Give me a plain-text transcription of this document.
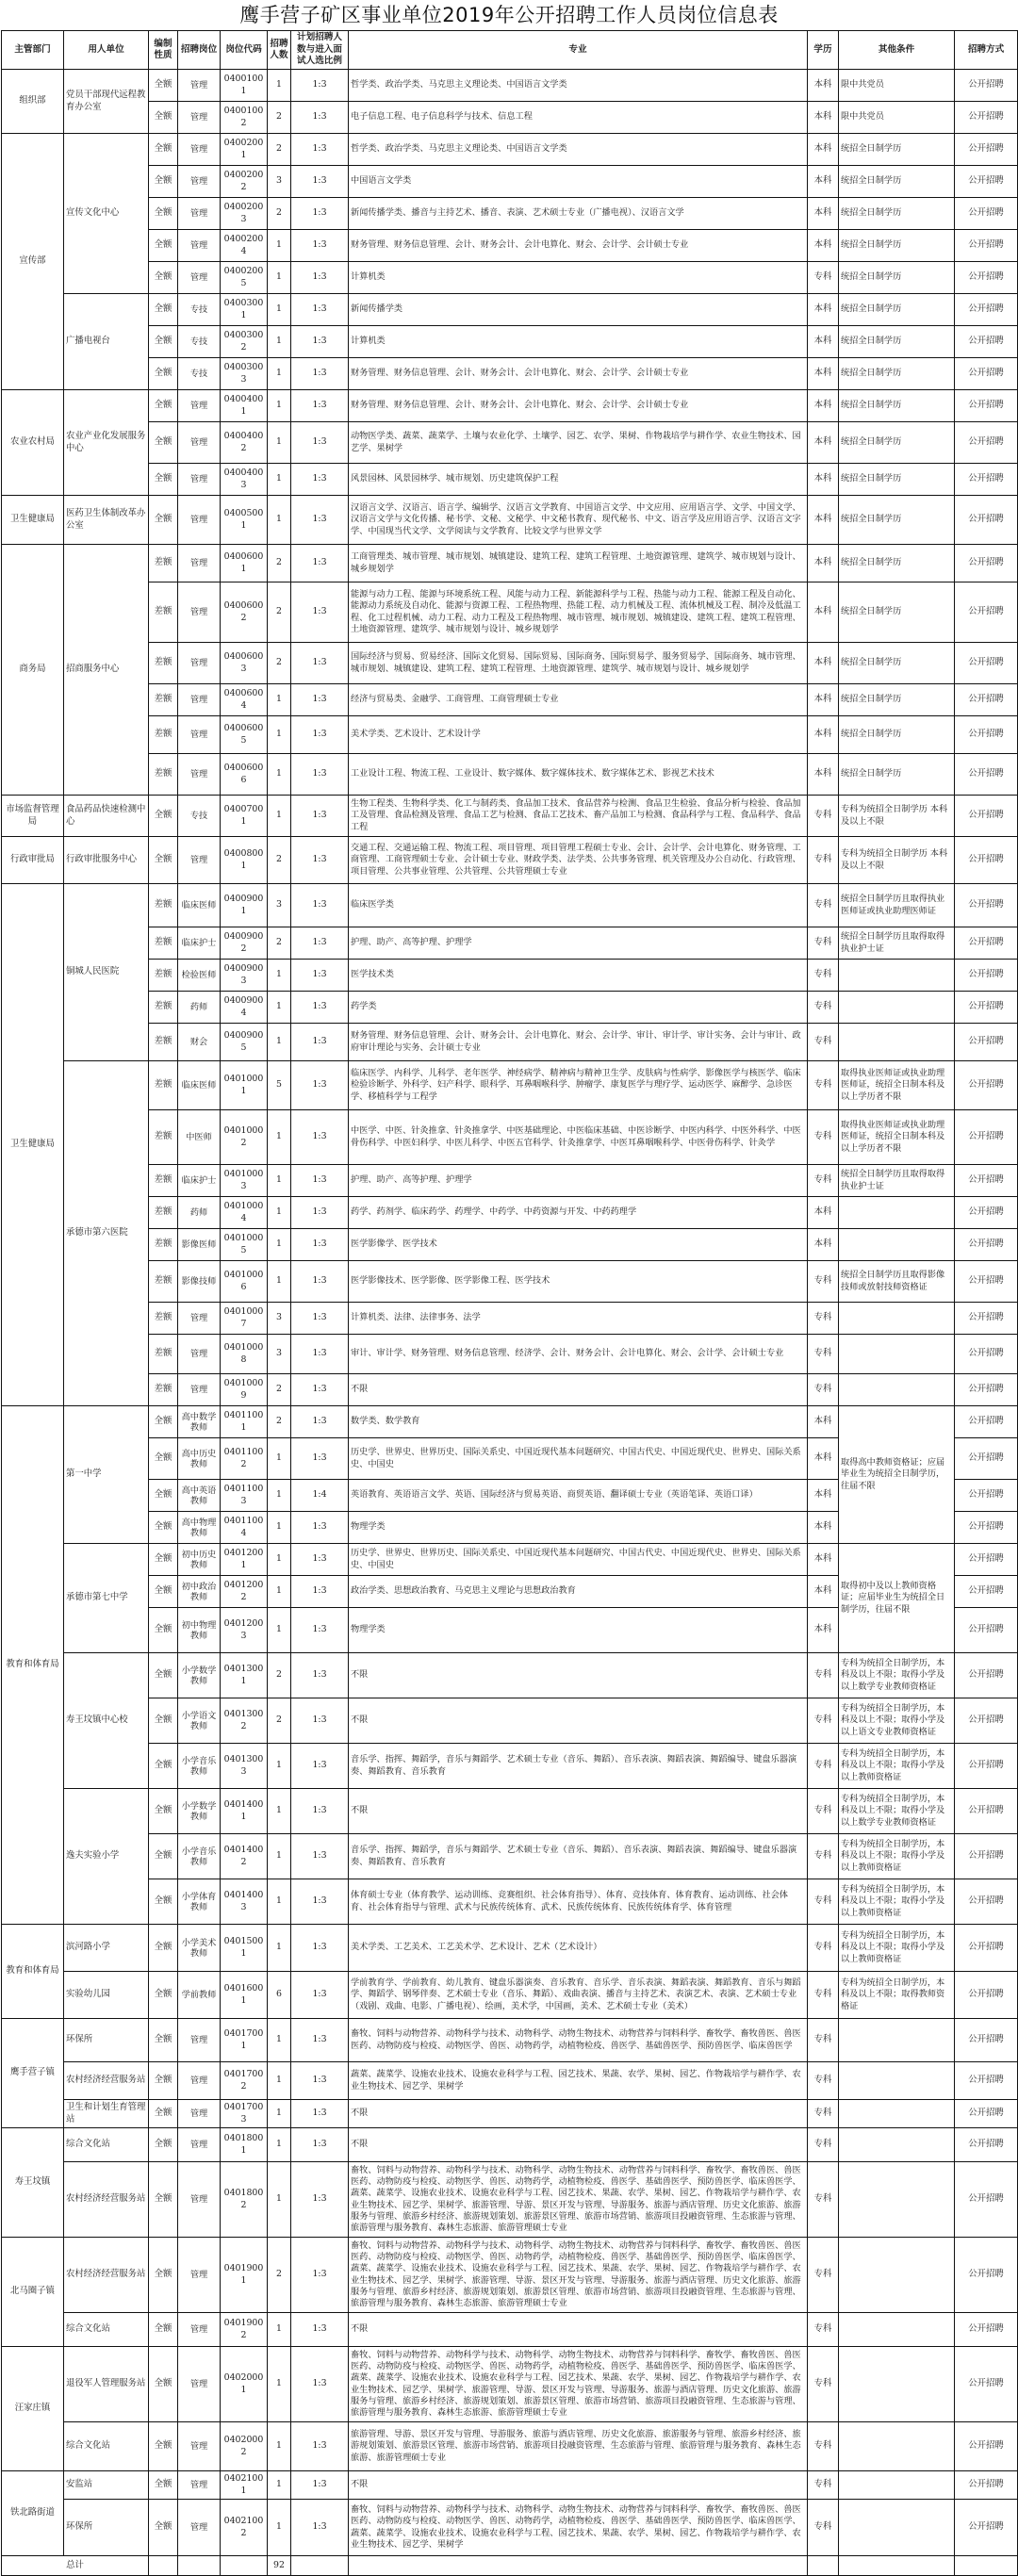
鹰手营子矿区事业单位2019年公开招聘工作人员岗位信息表
主管部门	用人单位	编制性质	招聘岗位	岗位代码	招聘人数	计划招聘人数与进入面试人选比例	专业	学历	其他条件	招聘方式
组织部	党员干部现代远程教育办公室	全额	管理	04001001	1	1:3	哲学类、政治学类、马克思主义理论类、中国语言文学类	本科	限中共党员	公开招聘
		全额	管理	04001002	2	1:3	电子信息工程、电子信息科学与技术、信息工程	本科	限中共党员	公开招聘
宣传部	宣传文化中心	全额	管理	04002001	2	1:3	哲学类、政治学类、马克思主义理论类、中国语言文学类	本科	统招全日制学历	公开招聘
		全额	管理	04002002	3	1:3	中国语言文学类	本科	统招全日制学历	公开招聘
		全额	管理	04002003	2	1:3	新闻传播学类、播音与主持艺术、播音、表演、艺术硕士专业（广播电视）、汉语言文学	本科	统招全日制学历	公开招聘
		全额	管理	04002004	1	1:3	财务管理、财务信息管理、会计、财务会计、会计电算化、财会、会计学、会计硕士专业	本科	统招全日制学历	公开招聘
		全额	管理	04002005	1	1:3	计算机类	专科	统招全日制学历	公开招聘
	广播电视台	全额	专技	04003001	1	1:3	新闻传播学类	本科	统招全日制学历	公开招聘
		全额	专技	04003002	1	1:3	计算机类	本科	统招全日制学历	公开招聘
		全额	专技	04003003	1	1:3	财务管理、财务信息管理、会计、财务会计、会计电算化、财会、会计学、会计硕士专业	本科	统招全日制学历	公开招聘
农业农村局	农业产业化发展服务中心	全额	管理	04004001	1	1:3	财务管理、财务信息管理、会计、财务会计、会计电算化、财会、会计学、会计硕士专业	本科	统招全日制学历	公开招聘
		全额	管理	04004002	1	1:3	动物医学类、蔬菜、蔬菜学、土壤与农业化学、土壤学、园艺、农学、果树、作物栽培学与耕作学、农业生物技术、园艺学、果树学	本科	统招全日制学历	公开招聘
		全额	管理	04004003	1	1:3	风景园林、风景园林学、城市规划、历史建筑保护工程	本科	统招全日制学历	公开招聘
卫生健康局	医药卫生体制改革办公室	全额	管理	04005001	1	1:3	汉语言文学、汉语言、语言学、编辑学、汉语言文学教育、中国语言文学、中文应用、应用语言学、文学、中国文学、汉语言文学与文化传播、秘书学、文秘、文秘学、中文秘书教育、现代秘书、中文、语言学及应用语言学、汉语言文字学、中国现当代文学、文学阅读与文学教育、比较文学与世界文学	本科	统招全日制学历	公开招聘
商务局	招商服务中心	差额	管理	04006001	2	1:3	工商管理类、城市管理、城市规划、城镇建设、建筑工程、建筑工程管理、土地资源管理、建筑学、城市规划与设计、城乡规划学	本科	统招全日制学历	公开招聘
		差额	管理	04006002	2	1:3	能源与动力工程、能源与环境系统工程、风能与动力工程、新能源科学与工程、热能与动力工程、能源工程及自动化、能源动力系统及自动化、能源与资源工程、工程热物理、热能工程、动力机械及工程、流体机械及工程、制冷及低温工程、化工过程机械、动力工程、动力工程及工程热物理、城市管理、城市规划、城镇建设、建筑工程、建筑工程管理、土地资源管理、建筑学、城市规划与设计、城乡规划学	本科	统招全日制学历	公开招聘
		差额	管理	04006003	2	1:3	国际经济与贸易、贸易经济、国际文化贸易、国际贸易、国际商务、国际贸易学、服务贸易学、国际商务、城市管理、城市规划、城镇建设、建筑工程、建筑工程管理、土地资源管理、建筑学、城市规划与设计、城乡规划学	本科	统招全日制学历	公开招聘
		差额	管理	04006004	1	1:3	经济与贸易类、金融学、工商管理、工商管理硕士专业	本科	统招全日制学历	公开招聘
		差额	管理	04006005	1	1:3	美术学类、艺术设计、艺术设计学	本科	统招全日制学历	公开招聘
		差额	管理	04006006	1	1:3	工业设计工程、物流工程、工业设计、数字媒体、数字媒体技术、数字媒体艺术、影视艺术技术	本科	统招全日制学历	公开招聘
市场监督管理局	食品药品快速检测中心	全额	专技	04007001	1	1:3	生物工程类、生物科学类、化工与制药类、食品加工技术、食品营养与检测、食品卫生检验、食品分析与检验、食品加工及管理、食品检测及管理、食品工艺与检测、食品工艺技术、畜产品加工与检测、食品科学与工程、食品科学、食品工程	专科	专科为统招全日制学历 本科及以上不限	公开招聘
行政审批局	行政审批服务中心	全额	管理	04008001	2	1:3	交通工程、交通运输工程、物流工程、项目管理、项目管理工程硕士专业、会计、会计学、会计电算化、财务管理、工商管理、工商管理硕士专业、会计硕士专业、财政学类、法学类、公共事务管理、机关管理及办公自动化、行政管理、项目管理、公共事业管理、公共管理、公共管理硕士专业	专科	专科为统招全日制学历 本科及以上不限	公开招聘
卫生健康局	铜城人民医院	差额	临床医师	04009001	3	1:3	临床医学类	专科	统招全日制学历且取得执业医师证或执业助理医师证	公开招聘
		差额	临床护士	04009002	2	1:3	护理、助产、高等护理、护理学	专科	统招全日制学历且取得取得执业护士证	公开招聘
		差额	检验医师	04009003	1	1:3	医学技术类	专科		公开招聘
		差额	药师	04009004	1	1:3	药学类	专科		公开招聘
		差额	财会	04009005	1	1:3	财务管理、财务信息管理、会计、财务会计、会计电算化、财会、会计学、审计、审计学、审计实务、会计与审计、政府审计理论与实务、会计硕士专业	专科		公开招聘
	承德市第六医院	差额	临床医师	04010001	5	1:3	临床医学、内科学、儿科学、老年医学、神经病学、精神病与精神卫生学、皮肤病与性病学、影像医学与核医学、临床检验诊断学、外科学、妇产科学、眼科学、耳鼻咽喉科学、肿瘤学、康复医学与理疗学、运动医学、麻醉学、急诊医学、移植科学与工程学	专科	取得执业医师证或执业助理医师证，统招全日制本科及以上学历者不限	公开招聘
		差额	中医师	04010002	1	1:3	中医学、中医、针灸推拿、针灸推拿学、中医基础理论、中医临床基础、中医诊断学、中医内科学、中医外科学、中医骨伤科学、中医妇科学、中医儿科学、中医五官科学、针灸推拿学、中医耳鼻咽喉科学、中医骨伤科学、针灸学	专科	取得执业医师证或执业助理医师证，统招全日制本科及以上学历者不限	公开招聘
		差额	临床护士	04010003	1	1:3	护理、助产、高等护理、护理学	专科	统招全日制学历且取得取得执业护士证	公开招聘
		差额	药师	04010004	1	1:3	药学、药剂学、临床药学、药理学、中药学、中药资源与开发、中药药理学	本科		公开招聘
		差额	影像医师	04010005	1	1:3	医学影像学、医学技术	本科		公开招聘
		差额	影像技师	04010006	1	1:3	医学影像技术、医学影像、医学影像工程、医学技术	专科	统招全日制学历且取得影像技师或放射技师资格证	公开招聘
		差额	管理	04010007	3	1:3	计算机类、法律、法律事务、法学	专科		公开招聘
		差额	管理	04010008	3	1:3	审计、审计学、财务管理、财务信息管理、经济学、会计、财务会计、会计电算化、财会、会计学、会计硕士专业	专科		公开招聘
		差额	管理	04010009	2	1:3	不限	专科		公开招聘
教育和体育局	第一中学	全额	高中数学教师	04011001	2	1:3	数学类、数学教育	本科	取得高中教师资格证；应届毕业生为统招全日制学历，往届不限	公开招聘
		全额	高中历史教师	04011002	1	1:3	历史学、世界史、世界历史、国际关系史、中国近现代基本问题研究、中国古代史、中国近现代史、世界史、国际关系史、中国史	本科		公开招聘
		全额	高中英语教师	04011003	1	1:4	英语教育、英语语言文学、英语、国际经济与贸易英语、商贸英语、翻译硕士专业（英语笔译、英语口译）	本科		公开招聘
		全额	高中物理教师	04011004	1	1:3	物理学类	本科		公开招聘
	承德市第七中学	全额	初中历史教师	04012001	1	1:3	历史学、世界史、世界历史、国际关系史、中国近现代基本问题研究、中国古代史、中国近现代史、世界史、国际关系史、中国史	本科	取得初中及以上教师资格证；应届毕业生为统招全日制学历，往届不限	公开招聘
		全额	初中政治教师	04012002	1	1:3	政治学类、思想政治教育、马克思主义理论与思想政治教育	本科		公开招聘
		全额	初中物理教师	04012003	1	1:3	物理学类	本科		公开招聘
	寿王坟镇中心校	全额	小学数学教师	04013001	2	1:3	不限	专科	专科为统招全日制学历，本科及以上不限；取得小学及以上数学专业教师资格证	公开招聘
		全额	小学语文教师	04013002	2	1:3	不限	专科	专科为统招全日制学历，本科及以上不限；取得小学及以上语文专业教师资格证	公开招聘
		全额	小学音乐教师	04013003	1	1:3	音乐学、指挥、舞蹈学，音乐与舞蹈学、艺术硕士专业（音乐、舞蹈）、音乐表演、舞蹈表演、舞蹈编导、键盘乐器演奏、舞蹈教育、音乐教育	专科	专科为统招全日制学历，本科及以上不限；取得小学及以上教师资格证	公开招聘
	逸夫实验小学	全额	小学数学教师	04014001	1	1:3	不限	专科	专科为统招全日制学历，本科及以上不限；取得小学及以上数学专业教师资格证	公开招聘
		全额	小学音乐教师	04014002	1	1:3	音乐学、指挥、舞蹈学，音乐与舞蹈学、艺术硕士专业（音乐、舞蹈）、音乐表演、舞蹈表演、舞蹈编导、键盘乐器演奏、舞蹈教育、音乐教育	专科	专科为统招全日制学历，本科及以上不限；取得小学及以上教师资格证	公开招聘
		全额	小学体育教师	04014003	1	1:3	体育硕士专业（体育教学、运动训练、竞赛组织、社会体育指导）、体育、竞技体育、体育教育、运动训练、社会体育、社会体育指导与管理、武术与民族传统体育、武术、民族传统体育、民族传统体育学、体育管理	专科	专科为统招全日制学历，本科及以上不限；取得小学及以上教师资格证	公开招聘
教育和体育局	滨河路小学	全额	小学美术教师	04015001	1	1:3	美术学类、工艺美术、工艺美术学、艺术设计、艺术（艺术设计）	专科	专科为统招全日制学历，本科及以上不限；取得小学及以上教师资格证	公开招聘
	实验幼儿园	全额	学前教师	04016001	6	1:3	学前教育学、学前教育、幼儿教育、键盘乐器演奏、音乐教育、音乐学、音乐表演、舞蹈表演、舞蹈教育、音乐与舞蹈学、舞蹈学、钢琴伴奏、艺术硕士专业（音乐、舞蹈）、戏曲表演、播音与主持艺术、表演艺术、表演、艺术硕士专业（戏剧、戏曲、电影、广播电视）、绘画，美术学，中国画，美术、艺术硕士专业（美术）	专科	专科为统招全日制学历，本科及以上不限；取得教师资格证	公开招聘
鹰手营子镇	环保所	全额	管理	04017001	1	1:3	畜牧、饲料与动物营养、动物科学与技术、动物科学、动物生物技术、动物营养与饲料科学、畜牧学、畜牧兽医、兽医医药、动物防疫与检疫、动物医学、兽医、动物药学，动植物检疫、兽医学、基础兽医学、预防兽医学、临床兽医学	专科		公开招聘
	农村经济经营服务站	全额	管理	04017002	1	1:3	蔬菜、蔬菜学、设施农业技术、设施农业科学与工程、园艺技术、果蔬、农学、果树、园艺、作物栽培学与耕作学、农业生物技术、园艺学、果树学	专科		公开招聘
	卫生和计划生育管理站	全额	管理	04017003	1	1:3	不限	专科		公开招聘
寿王坟镇	综合文化站	全额	管理	04018001	1	1:3	不限	专科		公开招聘
	农村经济经营服务站	全额	管理	04018002	1	1:3	畜牧、饲料与动物营养、动物科学与技术、动物科学、动物生物技术、动物营养与饲料科学、畜牧学、畜牧兽医、兽医医药、动物防疫与检疫、动物医学、兽医、动物药学，动植物检疫、兽医学、基础兽医学、预防兽医学、临床兽医学、蔬菜、蔬菜学、设施农业技术、设施农业科学与工程、园艺技术、果蔬、农学、果树、园艺、作物栽培学与耕作学、农业生物技术、园艺学、果树学、旅游管理、导游、景区开发与管理、导游服务、旅游与酒店管理、历史文化旅游、旅游服务与管理、旅游乡村经济、旅游规划策划、旅游景区管理、旅游市场营销、旅游项目投融资管理、生态旅游与管理、旅游管理与服务教育、森林生态旅游、旅游管理硕士专业	专科		公开招聘
北马圈子镇	农村经济经营服务站	全额	管理	04019001	2	1:3	畜牧、饲料与动物营养、动物科学与技术、动物科学、动物生物技术、动物营养与饲料科学、畜牧学、畜牧兽医、兽医医药、动物防疫与检疫、动物医学、兽医、动物药学，动植物检疫、兽医学、基础兽医学、预防兽医学、临床兽医学、蔬菜、蔬菜学、设施农业技术、设施农业科学与工程、园艺技术、果蔬、农学、果树、园艺、作物栽培学与耕作学、农业生物技术、园艺学、果树学、旅游管理、导游、景区开发与管理、导游服务、旅游与酒店管理、历史文化旅游、旅游服务与管理、旅游乡村经济、旅游规划策划、旅游景区管理、旅游市场营销、旅游项目投融资管理、生态旅游与管理、旅游管理与服务教育、森林生态旅游、旅游管理硕士专业	专科		公开招聘
	综合文化站	全额	管理	04019002	1	1:3	不限	专科		公开招聘
汪家庄镇	退役军人管理服务站	全额	管理	04020001	1	1:3	畜牧、饲料与动物营养、动物科学与技术、动物科学、动物生物技术、动物营养与饲料科学、畜牧学、畜牧兽医、兽医医药、动物防疫与检疫、动物医学、兽医、动物药学，动植物检疫、兽医学、基础兽医学、预防兽医学、临床兽医学、蔬菜、蔬菜学、设施农业技术、设施农业科学与工程、园艺技术、果蔬、农学、果树、园艺、作物栽培学与耕作学、农业生物技术、园艺学、果树学、旅游管理、导游、景区开发与管理、导游服务、旅游与酒店管理、历史文化旅游、旅游服务与管理、旅游乡村经济、旅游规划策划、旅游景区管理、旅游市场营销、旅游项目投融资管理、生态旅游与管理、旅游管理与服务教育、森林生态旅游、旅游管理硕士专业	专科		公开招聘
	综合文化站	全额	管理	04020002	1	1:3	旅游管理、导游、景区开发与管理、导游服务、旅游与酒店管理、历史文化旅游、旅游服务与管理、旅游乡村经济、旅游规划策划、旅游景区管理、旅游市场营销、旅游项目投融资管理、生态旅游与管理、旅游管理与服务教育、森林生态旅游、旅游管理硕士专业	专科		公开招聘
铁北路街道	安监站	全额	管理	04021001	1	1:3	不限	专科		公开招聘
	环保所	全额	管理	04021002	1	1:3	畜牧、饲料与动物营养、动物科学与技术、动物科学、动物生物技术、动物营养与饲料科学、畜牧学、畜牧兽医、兽医医药、动物防疫与检疫、动物医学、兽医、动物药学，动植物检疫、兽医学、基础兽医学、预防兽医学、临床兽医学、蔬菜、蔬菜学、设施农业技术、设施农业科学与工程、园艺技术、果蔬、农学、果树、园艺、作物栽培学与耕作学、农业生物技术、园艺学、果树学	专科		公开招聘
总计					92					
